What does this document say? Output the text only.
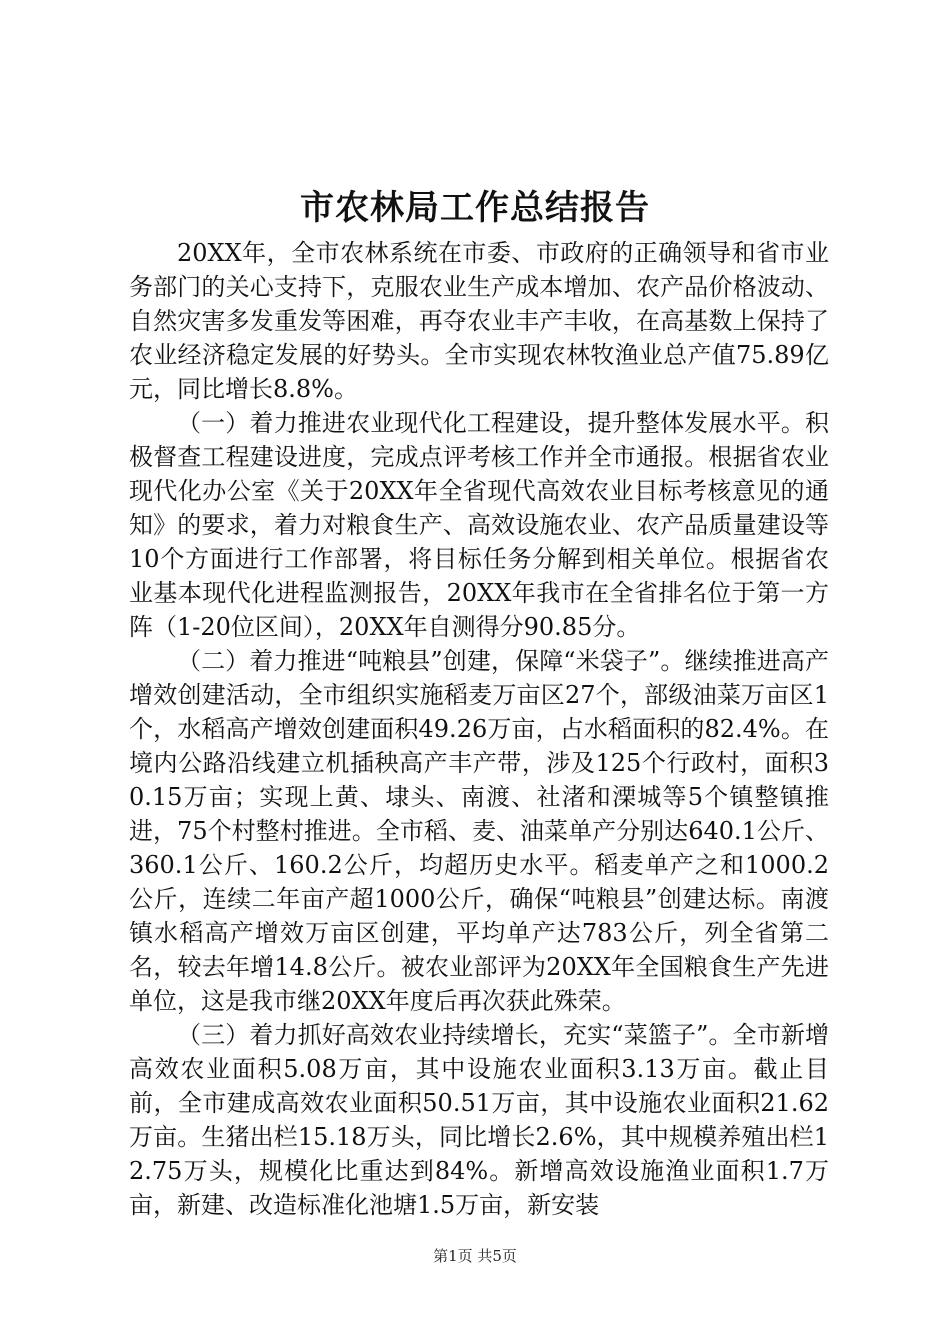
市农林局工作总结报告

20XX年，全市农林系统在市委、市政府的正确领导和省市业务部门的关心支持下，克服农业生产成本增加、农产品价格波动、自然灾害多发重发等困难，再夺农业丰产丰收，在高基数上保持了农业经济稳定发展的好势头。全市实现农林牧渔业总产值75.89亿元，同比增长8.8%。

（一）着力推进农业现代化工程建设，提升整体发展水平。积极督查工程建设进度，完成点评考核工作并全市通报。根据省农业现代化办公室《关于20XX年全省现代高效农业目标考核意见的通知》的要求，着力对粮食生产、高效设施农业、农产品质量建设等10个方面进行工作部署，将目标任务分解到相关单位。根据省农业基本现代化进程监测报告，20XX年我市在全省排名位于第一方阵（1-20位区间），20XX年自测得分90.85分。

（二）着力推进“吨粮县”创建，保障“米袋子”。继续推进高产增效创建活动，全市组织实施稻麦万亩区27个，部级油菜万亩区1个，水稻高产增效创建面积49.26万亩，占水稻面积的82.4%。在境内公路沿线建立机插秧高产丰产带，涉及125个行政村，面积30.15万亩；实现上黄、埭头、南渡、社渚和溧城等5个镇整镇推进，75个村整村推进。全市稻、麦、油菜单产分别达640.1公斤、360.1公斤、160.2公斤，均超历史水平。稻麦单产之和1000.2公斤，连续二年亩产超1000公斤，确保“吨粮县”创建达标。南渡镇水稻高产增效万亩区创建，平均单产达783公斤，列全省第二名，较去年增14.8公斤。被农业部评为20XX年全国粮食生产先进单位，这是我市继20XX年度后再次获此殊荣。

（三）着力抓好高效农业持续增长，充实“菜篮子”。全市新增高效农业面积5.08万亩，其中设施农业面积3.13万亩。截止目前，全市建成高效农业面积50.51万亩，其中设施农业面积21.62万亩。生猪出栏15.18万头，同比增长2.6%，其中规模养殖出栏12.75万头，规模化比重达到84%。新增高效设施渔业面积1.7万亩，新建、改造标准化池塘1.5万亩，新安装

第1页 共5页
